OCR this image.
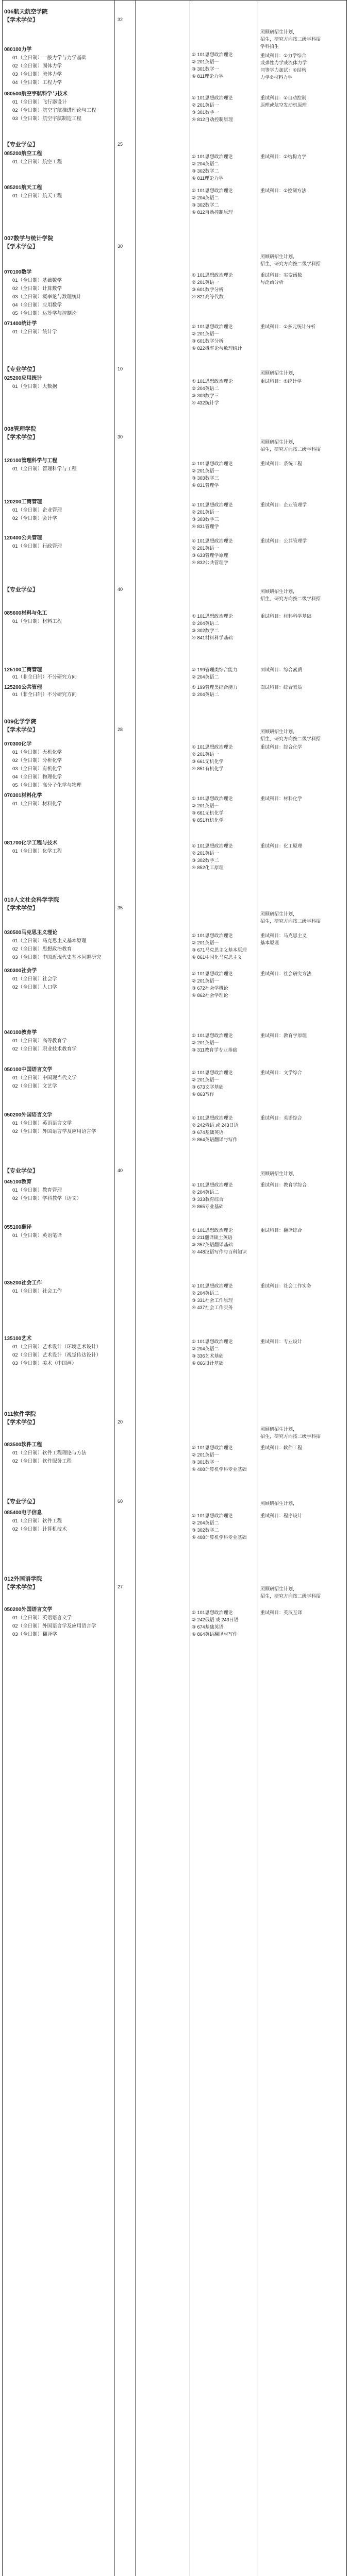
006航天航空学院
【学术学位】	32
照顾研招生计划，
招生，研究方向按二级学科招
学科招生
080100力学
① 101思想政治理论	重试科目：①力学综合
01（全日制）一般力学与力学基础
② 201英语一	或弹性力学或流体力学
02（全日制）固体力学	③ 301数学一	同等学力加试：①结构
03（全日制）流体力学	④ 811理论力学	力学②材料力学
04（全日制）工程力学
080500航空宇航科学与技术
① 101思想政治理论	重试科目：①自动控制
01（全日制）飞行器设计	② 201英语一	原理或航空发动机原理
02（全日制）航空宇航推进理论与工程	③ 301数学一
03（全日制）航空宇航制造工程	④ 812自动控制原理
【专业学位】	25
085200航空工程	① 101思想政治理论	重试科目：①结构力学
01（全日制）航空工程	② 204英语二
③ 302数学二
④ 811理论力学
085201航天工程	① 101思想政治理论	重试科目：①控制方法
01（全日制）航天工程	② 204英语二
③ 302数学二
④ 812自动控制原理
007数学与统计学院
【学术学位】	30
照顾研招生计划，
招生，研究方向按二级学科招
070100数学	① 101思想政治理论	重试科目：实变函数
01（全日制）基础数学	② 201英语一	与泛函分析
02（全日制）计算数学	③ 601数学分析
03（全日制）概率论与数理统计	④ 821高等代数
04（全日制）应用数学
05（全日制）运筹学与控制论
071400统计学	① 101思想政治理论	重试科目：①多元统计分析
01（全日制）统计学	② 201英语一
③ 601数学分析
④ 822概率论与数理统计
【专业学位】	10
照顾研招生计划，
025200应用统计	① 101思想政治理论	重试科目：①统计学
01（全日制）大数据	② 204英语二
③ 303数学三
④ 432统计学
008管理学院
【学术学位】	30
照顾研招生计划，
招生，研究方向按二级学科招
120100管理科学与工程	① 101思想政治理论	重试科目：系统工程
01（全日制）管理科学与工程	② 201英语一
③ 303数学三
④ 831管理学
120200工商管理	① 101思想政治理论	重试科目：企业管理学
01（全日制）企业管理	② 201英语一
02（全日制）会计学	③ 303数学三
④ 831管理学
120400公共管理	① 101思想政治理论	重试科目：公共管理学
01（全日制）行政管理	② 201英语一
③ 633管理学原理
④ 832公共管理学
【专业学位】	40	照顾研招生计划，
招生，研究方向按二级学科招
085600材料与化工	① 101思想政治理论	重试科目：材料科学基础
01（全日制）材料工程	② 204英语二
③ 302数学二
④ 841材料科学基础
125100工商管理	① 199管理类综合能力	面试科目：综合素质
01（非全日制）不分研究方向	② 204英语二
125200公共管理	① 199管理类综合能力	面试科目：综合素质
01（非全日制）不分研究方向	② 204英语二
009化学学院
【学术学位】	28	照顾研招生计划，
招生，研究方向按二级学科招
070300化学	① 101思想政治理论	重试科目：综合化学
01（全日制）无机化学	② 201英语一
02（全日制）分析化学	③ 661无机化学
03（全日制）有机化学	④ 851有机化学
04（全日制）物理化学
05（全日制）高分子化学与物理
070301材料化学	① 101思想政治理论	重试科目：材料化学
01（全日制）材料化学	② 201英语一
③ 661无机化学
④ 851有机化学
081700化学工程与技术	① 101思想政治理论	重试科目：化工原理
01（全日制）化学工程	② 201英语一
③ 302数学二
④ 852化工原理
010人文社会科学学院
【学术学位】	35
照顾研招生计划，
招生，研究方向按二级学科招
030500马克思主义理论	① 101思想政治理论	重试科目：马克思主义
01（全日制）马克思主义基本原理	② 201英语一	基本原理
02（全日制）思想政治教育	③ 671马克思主义基本原理
03（全日制）中国近现代史基本问题研究	④ 861中国化马克思主义
030300社会学	① 101思想政治理论	重试科目：社会研究方法
01（全日制）社会学	② 201英语一
02（全日制）人口学	③ 672社会学概论
④ 862社会学理论
040100教育学	① 101思想政治理论	重试科目：教育学原理
01（全日制）高等教育学	② 201英语一
02（全日制）职业技术教育学	③ 311教育学专业基础
050100中国语言文学	① 101思想政治理论	重试科目：文学综合
01（全日制）中国现当代文学	② 201英语一
02（全日制）文艺学	③ 673文学基础
④ 863写作
050200外国语言文学	① 101思想政治理论	重试科目：英语综合
01（全日制）英语语言文学	② 242俄语 或 243日语
02（全日制）外国语言学及应用语言学	③ 674基础英语
④ 864英语翻译与写作
【专业学位】	40
照顾研招生计划，
045100教育	① 101思想政治理论	重试科目：教育学综合
01（全日制）教育管理	② 204英语二
02（全日制）学科教学（语文）	③ 333教育综合
④ 865专业基础
055100翻译	① 101思想政治理论	重试科目：翻译综合
01（全日制）英语笔译	② 211翻译硕士英语
③ 357英语翻译基础
④ 448汉语写作与百科知识
035200社会工作	① 101思想政治理论	重试科目：社会工作实务
01（全日制）社会工作	② 204英语二
③ 331社会工作原理
④ 437社会工作实务
135100艺术	① 101思想政治理论	重试科目：专业设计
01（全日制）艺术设计（环境艺术设计）	② 204英语二
02（全日制）艺术设计（视觉传达设计）	③ 336艺术基础
03（全日制）美术（中国画）	④ 866设计基础
011软件学院
【学术学位】	20
照顾研招生计划，
招生，研究方向按二级学科招
083500软件工程	① 101思想政治理论	重试科目：软件工程
01（全日制）软件工程理论与方法	② 201英语一
02（全日制）软件服务工程	③ 301数学一
④ 408计算机学科专业基础
【专业学位】	60	照顾研招生计划，
085400电子信息	① 101思想政治理论	重试科目：程序设计
01（全日制）软件工程	② 204英语二
02（全日制）计算机技术	③ 302数学二
④ 408计算机学科专业基础
012外国语学院
【学术学位】	27	照顾研招生计划，
招生，研究方向按二级学科招
050200外国语言文学	① 101思想政治理论	重试科目：英汉互译
01（全日制）英语语言文学	② 242俄语 或 243日语
02（全日制）外国语言学及应用语言学	③ 674基础英语
03（全日制）翻译学	④ 864英语翻译与写作
